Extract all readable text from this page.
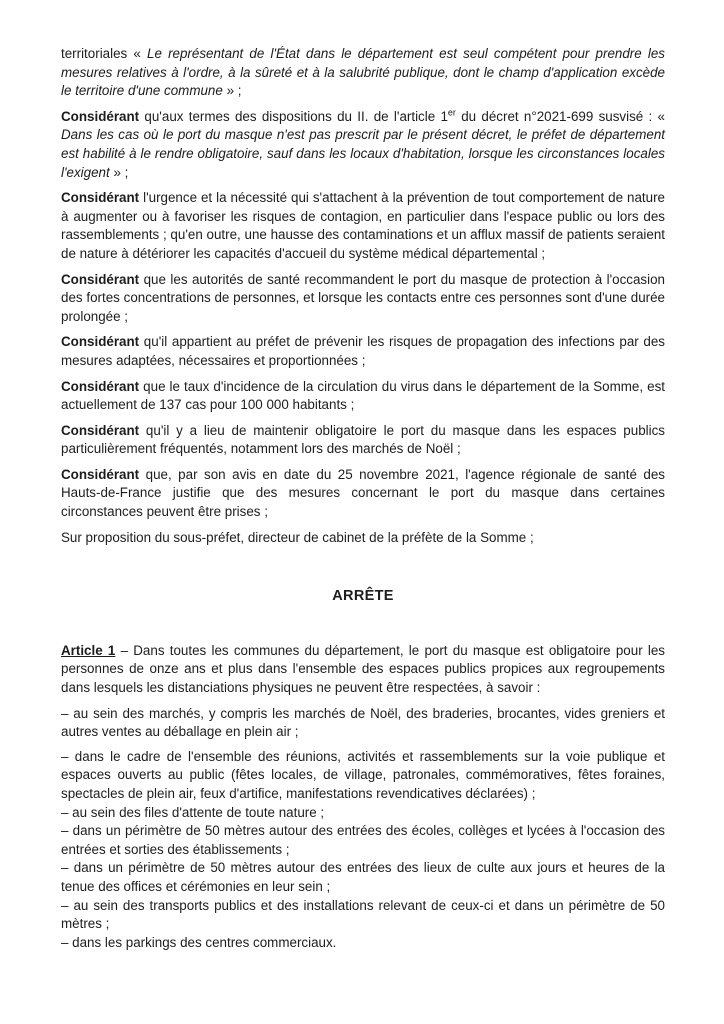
territoriales « Le représentant de l'État dans le département est seul compétent pour prendre les mesures relatives à l'ordre, à la sûreté et à la salubrité publique, dont le champ d'application excède le territoire d'une commune » ;

Considérant qu'aux termes des dispositions du II. de l'article 1er du décret n°2021-699 susvisé : « Dans les cas où le port du masque n'est pas prescrit par le présent décret, le préfet de département est habilité à le rendre obligatoire, sauf dans les locaux d'habitation, lorsque les circonstances locales l'exigent » ;

Considérant l'urgence et la nécessité qui s'attachent à la prévention de tout comportement de nature à augmenter ou à favoriser les risques de contagion, en particulier dans l'espace public ou lors des rassemblements ; qu'en outre, une hausse des contaminations et un afflux massif de patients seraient de nature à détériorer les capacités d'accueil du système médical départemental ;

Considérant que les autorités de santé recommandent le port du masque de protection à l'occasion des fortes concentrations de personnes, et lorsque les contacts entre ces personnes sont d'une durée prolongée ;

Considérant qu'il appartient au préfet de prévenir les risques de propagation des infections par des mesures adaptées, nécessaires et proportionnées ;

Considérant que le taux d'incidence de la circulation du virus dans le département de la Somme, est actuellement de 137 cas pour 100 000 habitants ;

Considérant qu'il y a lieu de maintenir obligatoire le port du masque dans les espaces publics particulièrement fréquentés, notamment lors des marchés de Noël ;

Considérant que, par son avis en date du 25 novembre 2021, l'agence régionale de santé des Hauts-de-France justifie que des mesures concernant le port du masque dans certaines circonstances peuvent être prises ;

Sur proposition du sous-préfet, directeur de cabinet de la préfète de la Somme ;

ARRÊTE

Article 1 – Dans toutes les communes du département, le port du masque est obligatoire pour les personnes de onze ans et plus dans l'ensemble des espaces publics propices aux regroupements dans lesquels les distanciations physiques ne peuvent être respectées, à savoir :

– au sein des marchés, y compris les marchés de Noël, des braderies, brocantes, vides greniers et autres ventes au déballage en plein air ;

– dans le cadre de l'ensemble des réunions, activités et rassemblements sur la voie publique et espaces ouverts au public (fêtes locales, de village, patronales, commémoratives, fêtes foraines, spectacles de plein air, feux d'artifice, manifestations revendicatives déclarées) ;

– au sein des files d'attente de toute nature ;

– dans un périmètre de 50 mètres autour des entrées des écoles, collèges et lycées à l'occasion des entrées et sorties des établissements ;

– dans un périmètre de 50 mètres autour des entrées des lieux de culte aux jours et heures de la tenue des offices et cérémonies en leur sein ;

– au sein des transports publics et des installations relevant de ceux-ci et dans un périmètre de 50 mètres ;

– dans les parkings des centres commerciaux.
